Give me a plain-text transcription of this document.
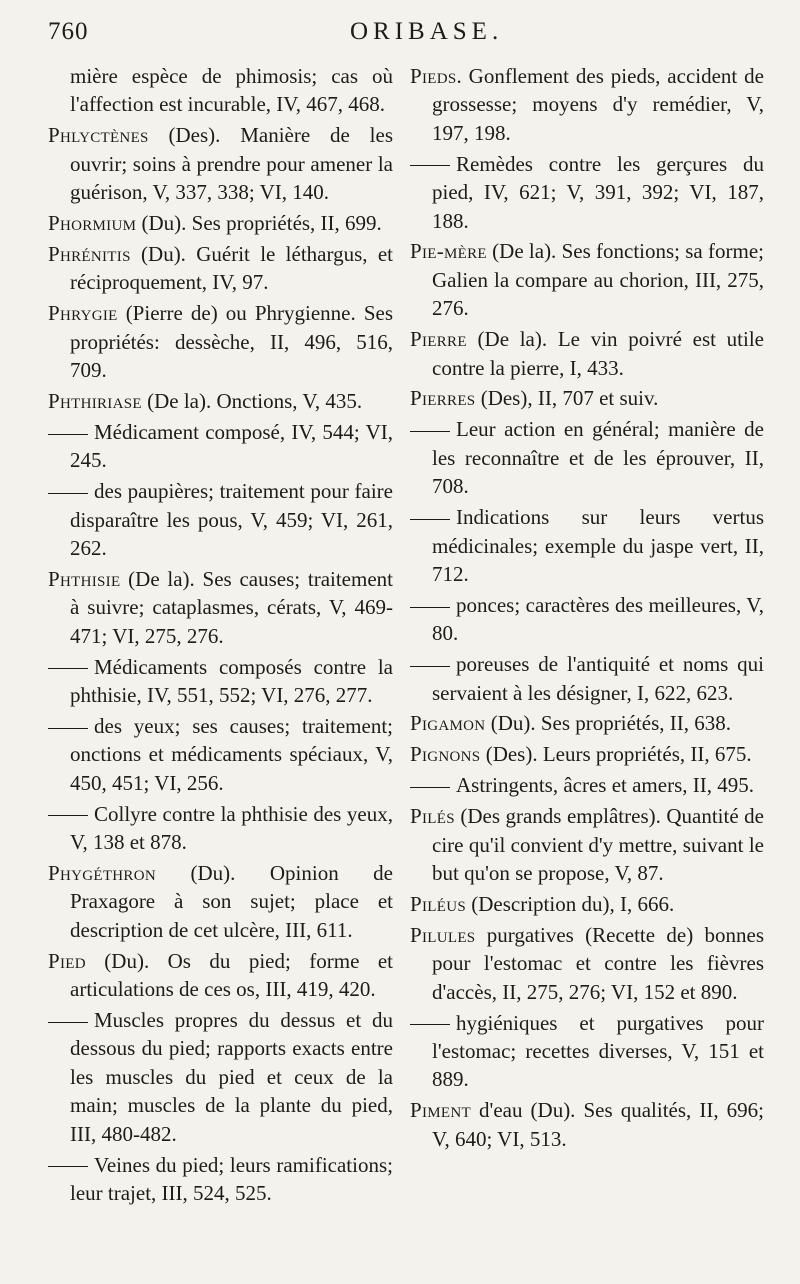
760	ORIBASE.

mière espèce de phimosis; cas où l'affection est incurable, IV, 467, 468.

Phlyctènes (Des). Manière de les ouvrir; soins à prendre pour amener la guérison, V, 337, 338; VI, 140.

Phormium (Du). Ses propriétés, II, 699.

Phrénitis (Du). Guérit le léthargus, et réciproquement, IV, 97.

Phrygie (Pierre de) ou Phrygienne. Ses propriétés: dessèche, II, 496, 516, 709.

Phthiriase (De la). Onctions, V, 435.

Médicament composé, IV, 544; VI, 245.

des paupières; traitement pour faire disparaître les pous, V, 459; VI, 261, 262.

Phthisie (De la). Ses causes; traitement à suivre; cataplasmes, cérats, V, 469-471; VI, 275, 276.

Médicaments composés contre la phthisie, IV, 551, 552; VI, 276, 277.

des yeux; ses causes; traitement; onctions et médicaments spéciaux, V, 450, 451; VI, 256.

Collyre contre la phthisie des yeux, V, 138 et 878.

Phygéthron (Du). Opinion de Praxagore à son sujet; place et description de cet ulcère, III, 611.

Pied (Du). Os du pied; forme et articulations de ces os, III, 419, 420.

Muscles propres du dessus et du dessous du pied; rapports exacts entre les muscles du pied et ceux de la main; muscles de la plante du pied, III, 480-482.

Veines du pied; leurs ramifications; leur trajet, III, 524, 525.

Pieds. Gonflement des pieds, accident de grossesse; moyens d'y remédier, V, 197, 198.

Remèdes contre les gerçures du pied, IV, 621; V, 391, 392; VI, 187, 188.

Pie-mère (De la). Ses fonctions; sa forme; Galien la compare au chorion, III, 275, 276.

Pierre (De la). Le vin poivré est utile contre la pierre, I, 433.

Pierres (Des), II, 707 et suiv.

Leur action en général; manière de les reconnaître et de les éprouver, II, 708.

Indications sur leurs vertus médicinales; exemple du jaspe vert, II, 712.

ponces; caractères des meilleures, V, 80.

poreuses de l'antiquité et noms qui servaient à les désigner, I, 622, 623.

Pigamon (Du). Ses propriétés, II, 638.

Pignons (Des). Leurs propriétés, II, 675.

Astringents, âcres et amers, II, 495.

Pilés (Des grands emplâtres). Quantité de cire qu'il convient d'y mettre, suivant le but qu'on se propose, V, 87.

Piléus (Description du), I, 666.

Pilules purgatives (Recette de) bonnes pour l'estomac et contre les fièvres d'accès, II, 275, 276; VI, 152 et 890.

hygiéniques et purgatives pour l'estomac; recettes diverses, V, 151 et 889.

Piment d'eau (Du). Ses qualités, II, 696; V, 640; VI, 513.
